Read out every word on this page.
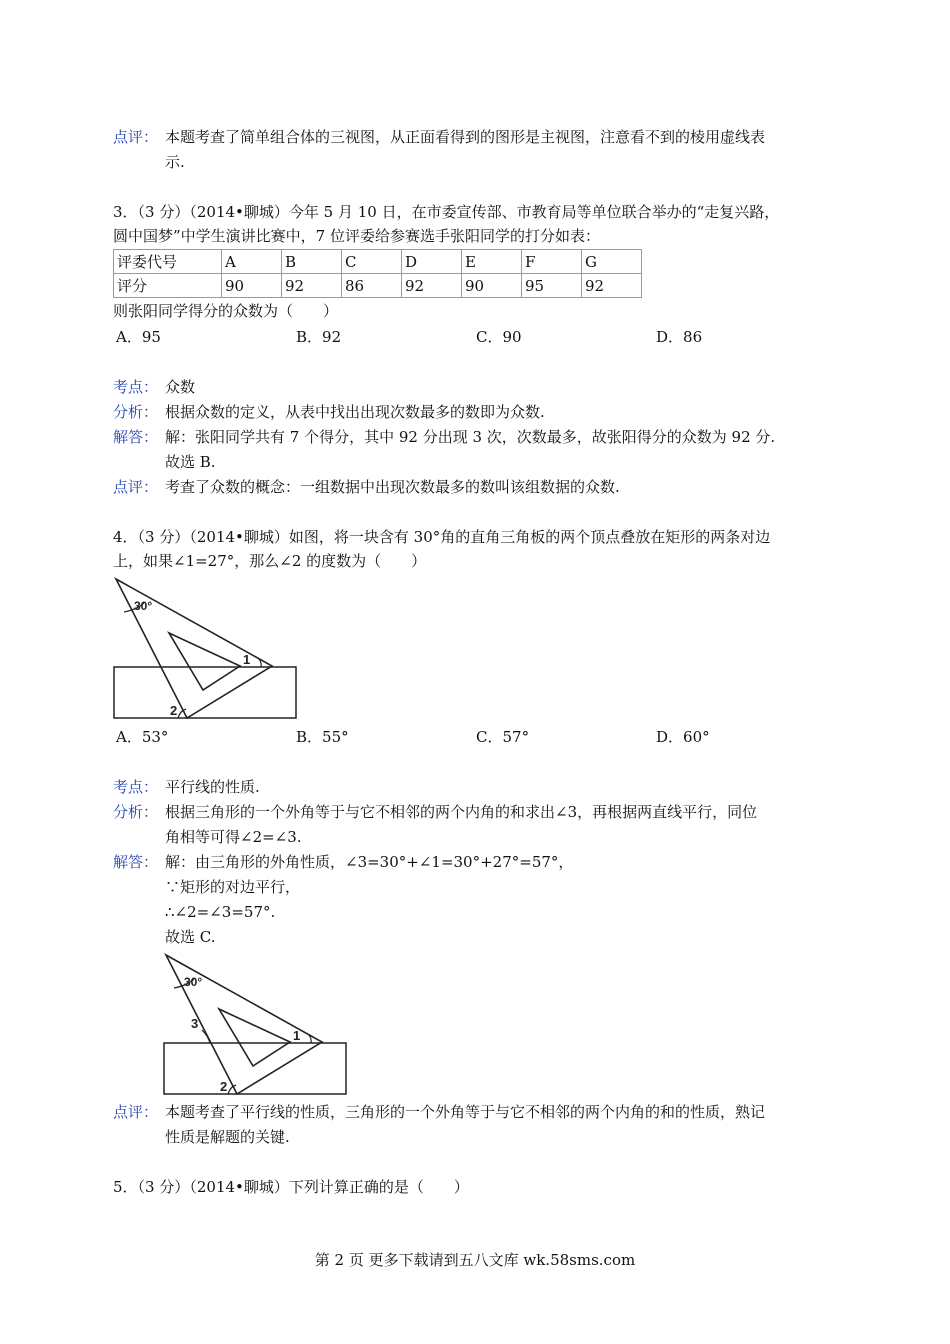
点评： 本题考查了简单组合体的三视图，从正面看得到的图形是主视图，注意看不到的棱用虚线表
示.
3．（3 分）（2014•聊城）今年 5 月 10 日，在市委宣传部、市教育局等单位联合举办的“走复兴路，
圆中国梦”中学生演讲比赛中，7 位评委给参赛选手张阳同学的打分如表：
评委代号	A	B	C	D	E	F	G
评分	90	92	86	92	90	95	92
则张阳同学得分的众数为（　　）
A．95	B．92	C．90	D．86
考点： 众数
分析： 根据众数的定义，从表中找出出现次数最多的数即为众数.
解答： 解：张阳同学共有 7 个得分，其中 92 分出现 3 次，次数最多，故张阳得分的众数为 92 分.
故选 B.
点评： 考查了众数的概念：一组数据中出现次数最多的数叫该组数据的众数.
4．（3 分）（2014•聊城）如图，将一块含有 30°角的直角三角板的两个顶点叠放在矩形的两条对边
上，如果∠1=27°，那么∠2 的度数为（　　）
30°
1
2
A．53°	B．55°	C．57°	D．60°
考点： 平行线的性质.
分析： 根据三角形的一个外角等于与它不相邻的两个内角的和求出∠3，再根据两直线平行，同位
角相等可得∠2=∠3.
解答： 解：由三角形的外角性质，∠3=30°+∠1=30°+27°=57°，
∵矩形的对边平行，
∴∠2=∠3=57°.
故选 C.
30°
1
2
3
点评： 本题考查了平行线的性质，三角形的一个外角等于与它不相邻的两个内角的和的性质，熟记
性质是解题的关键.
5．（3 分）（2014•聊城）下列计算正确的是（　　）
第 2 页 更多下载请到五八文库 wk.58sms.com
